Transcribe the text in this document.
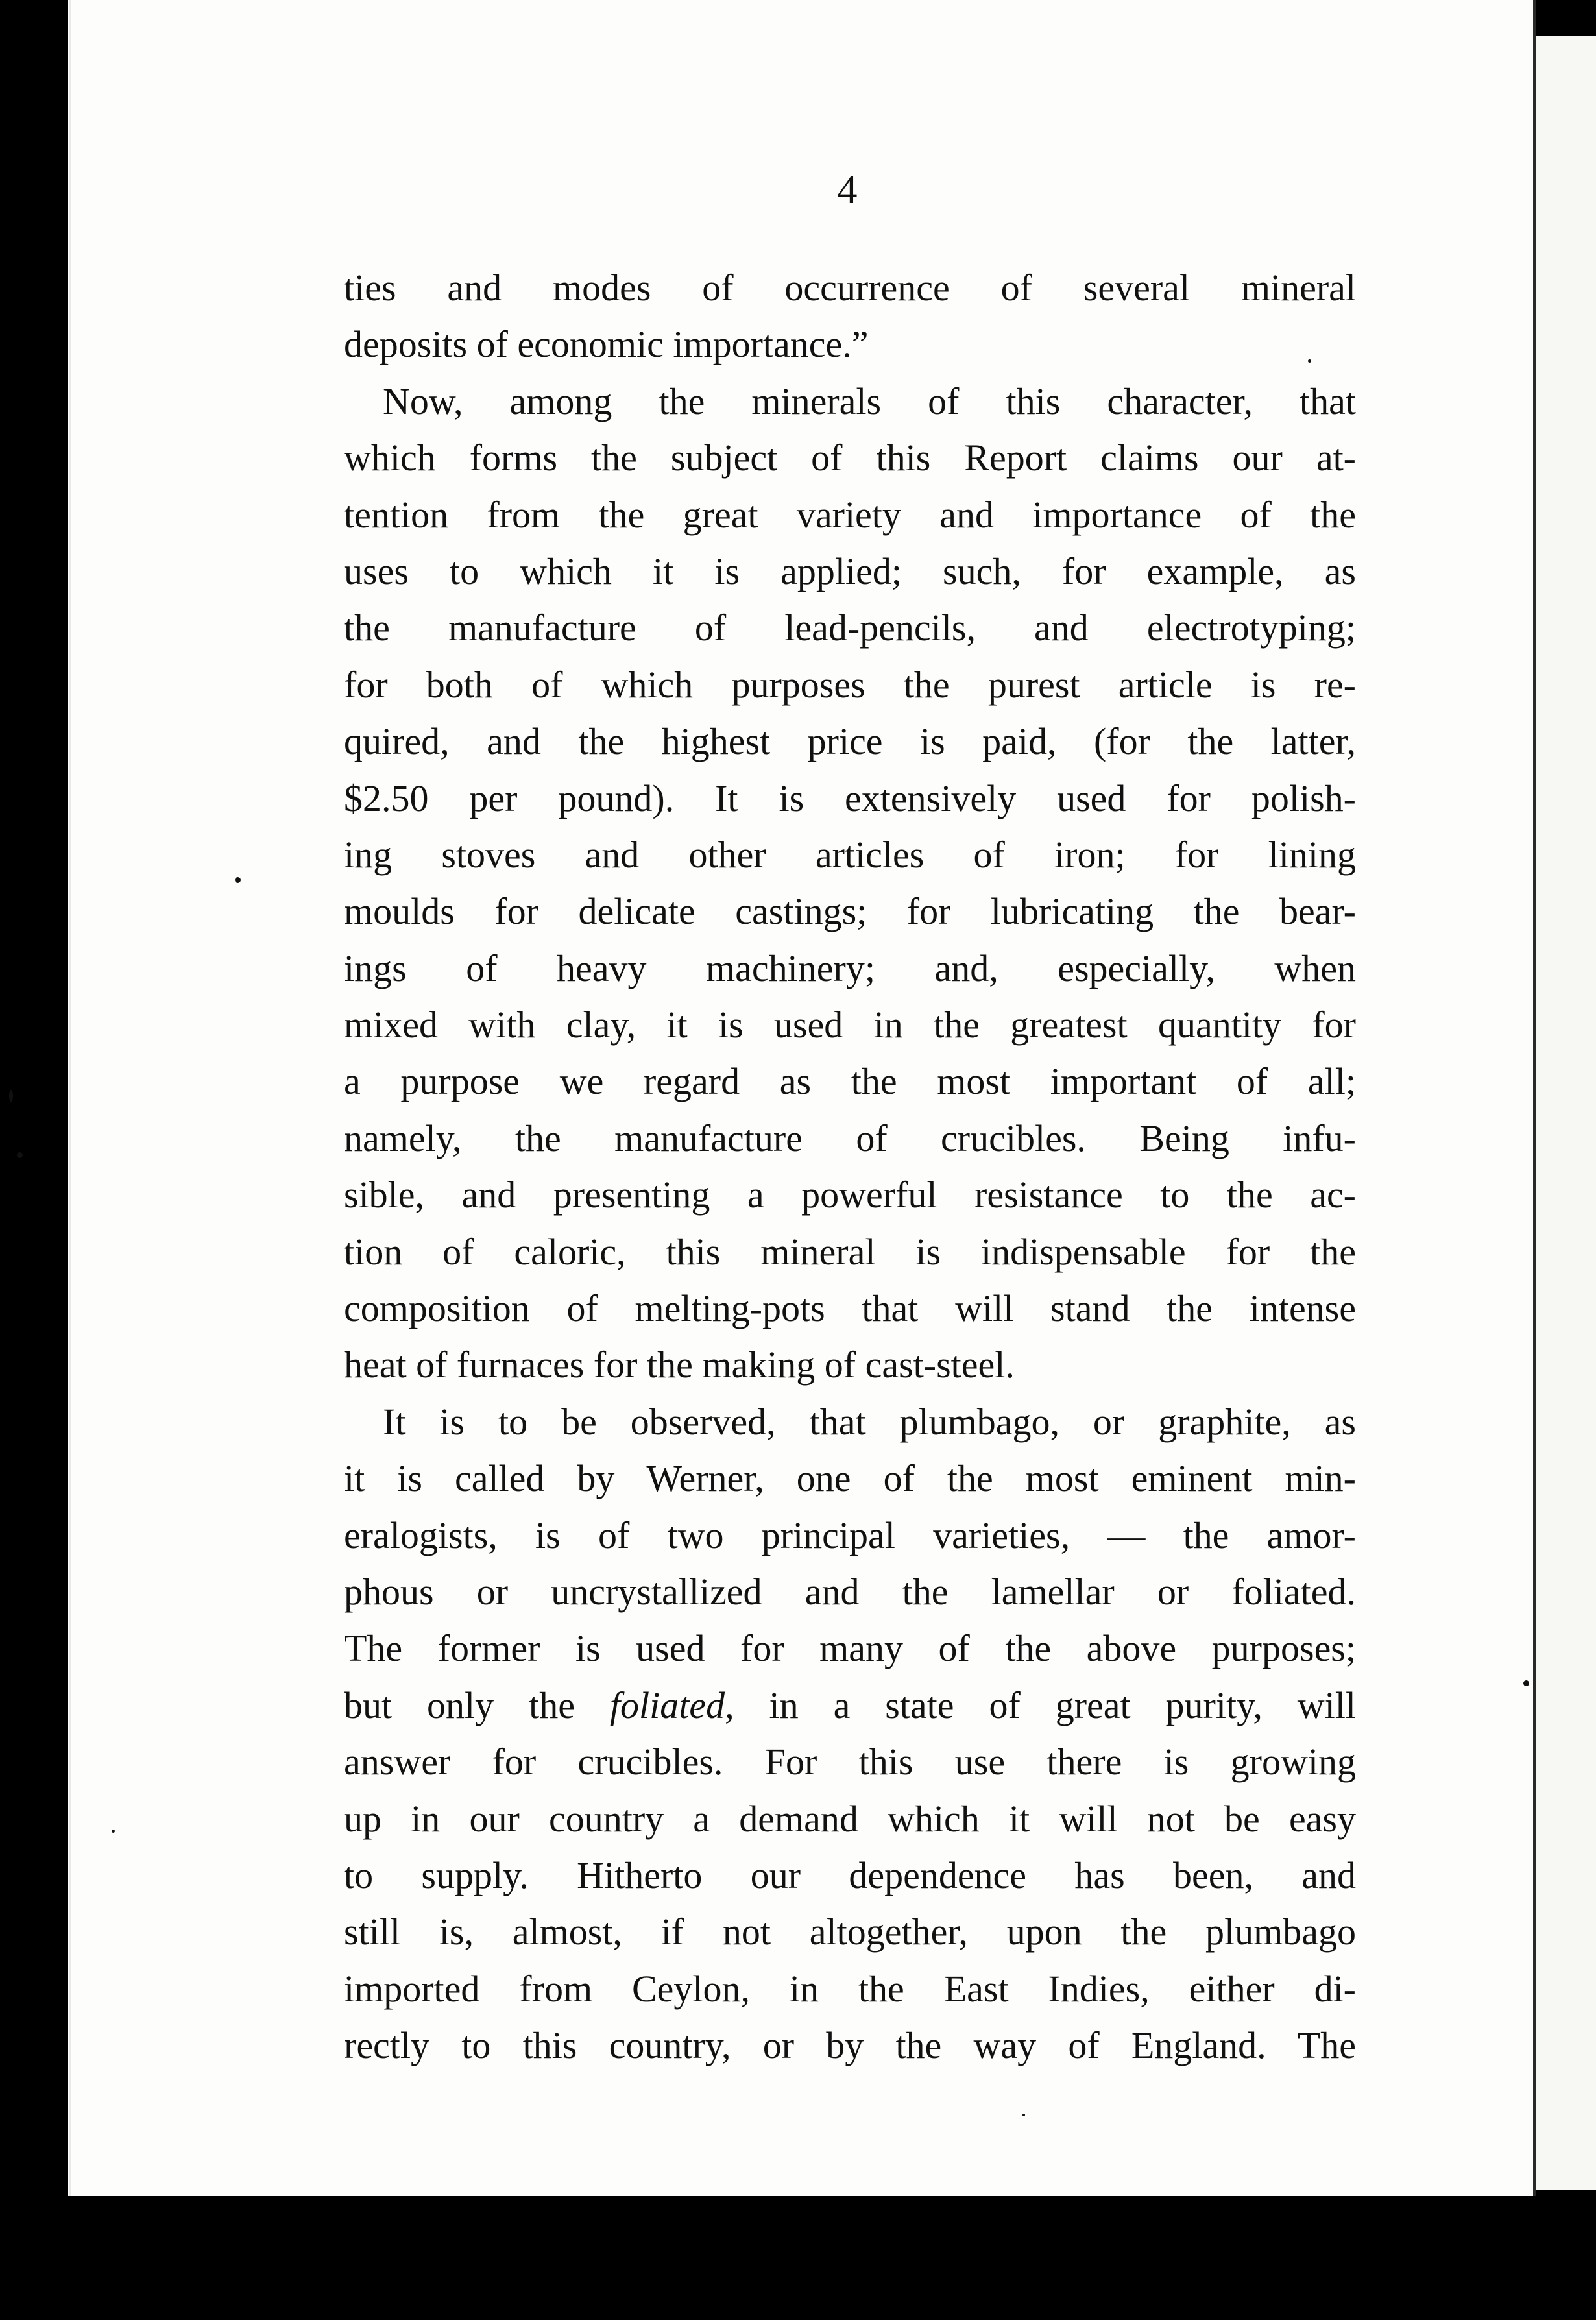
4
ties and modes of occurrence of several mineral
deposits of economic importance.”
Now, among the minerals of this character, that
which forms the subject of this Report claims our at-
tention from the great variety and importance of the
uses to which it is applied; such, for example, as
the manufacture of lead-pencils, and electrotyping;
for both of which purposes the purest article is re-
quired, and the highest price is paid, (for the latter,
$2.50 per pound). It is extensively used for polish-
ing stoves and other articles of iron; for lining
moulds for delicate castings; for lubricating the bear-
ings of heavy machinery; and, especially, when
mixed with clay, it is used in the greatest quantity for
a purpose we regard as the most important of all;
namely, the manufacture of crucibles. Being infu-
sible, and presenting a powerful resistance to the ac-
tion of caloric, this mineral is indispensable for the
composition of melting-pots that will stand the intense
heat of furnaces for the making of cast-steel.
It is to be observed, that plumbago, or graphite, as
it is called by Werner, one of the most eminent min-
eralogists, is of two principal varieties, — the amor-
phous or uncrystallized and the lamellar or foliated.
The former is used for many of the above purposes;
but only the foliated, in a state of great purity, will
answer for crucibles. For this use there is growing
up in our country a demand which it will not be easy
to supply. Hitherto our dependence has been, and
still is, almost, if not altogether, upon the plumbago
imported from Ceylon, in the East Indies, either di-
rectly to this country, or by the way of England. The
